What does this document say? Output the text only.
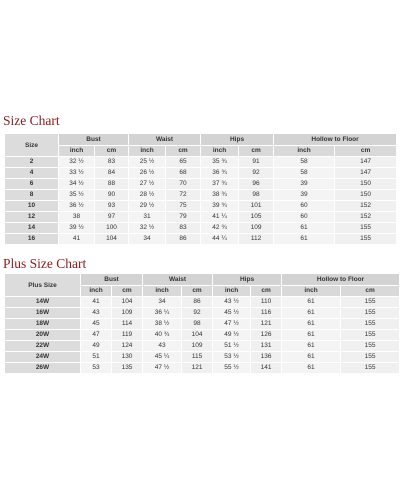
Size Chart
Size	Bust		Waist		Hips		Hollow to Floor	
	inch	cm	inch	cm	inch	cm	inch	cm
2	32 ½	83	25 ½	65	35 ¾	91	58	147
4	33 ½	84	26 ½	68	36 ¾	92	58	147
6	34 ½	88	27 ½	70	37 ¾	96	39	150
8	35 ½	90	28 ½	72	38 ¾	98	39	150
10	36 ½	93	29 ½	75	39 ¾	101	60	152
12	38	97	31	79	41 ¼	105	60	152
14	39 ½	100	32 ½	83	42 ¾	109	61	155
16	41	104	34	86	44 ¼	112	61	155
Plus Size Chart
Plus Size	Bust		Waist		Hips		Hollow to Floor	
	inch	cm	inch	cm	inch	cm	inch	cm
14W	41	104	34	86	43 ½	110	61	155
16W	43	109	36 ¼	92	45 ½	116	61	155
18W	45	114	38 ½	98	47 ½	121	61	155
20W	47	119	40 ¾	104	49 ½	126	61	155
22W	49	124	43	109	51 ½	131	61	155
24W	51	130	45 ¼	115	53 ½	136	61	155
26W	53	135	47 ½	121	55 ½	141	61	155
